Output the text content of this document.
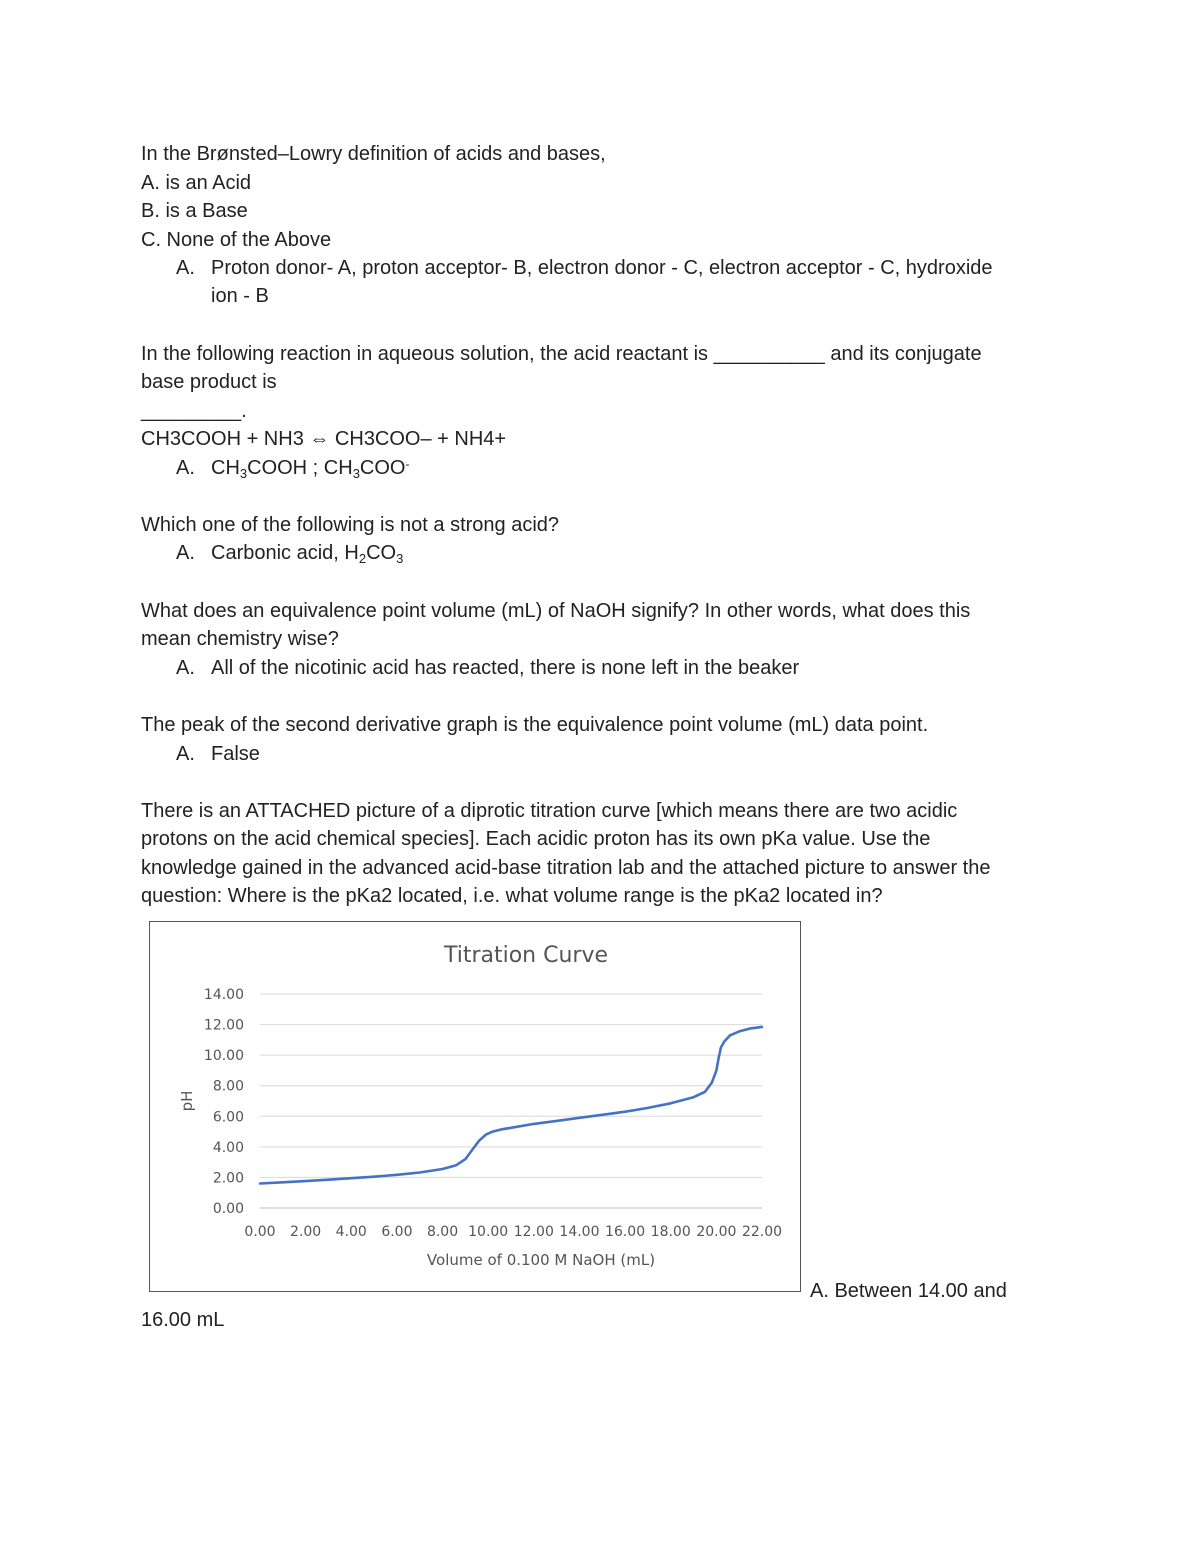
In the Brønsted–Lowry definition of acids and bases,
A. is an Acid
B. is a Base
C. None of the Above
A. Proton donor- A, proton acceptor- B, electron donor - C, electron acceptor - C, hydroxide
ion - B
In the following reaction in aqueous solution, the acid reactant is __________ and its conjugate
base product is
_________.
CH3COOH + NH3 ⇔ CH3COO– + NH4+
A. $CH_3COOH$ ; $CH_3COO^-$
Which one of the following is not a strong acid?
A. Carbonic acid, $H_2CO_3$
What does an equivalence point volume (mL) of NaOH signify? In other words, what does this
mean chemistry wise?
A. All of the nicotinic acid has reacted, there is none left in the beaker
The peak of the second derivative graph is the equivalence point volume (mL) data point.
A. False
There is an ATTACHED picture of a diprotic titration curve [which means there are two acidic
protons on the acid chemical species]. Each acidic proton has its own pKa value. Use the
knowledge gained in the advanced acid-base titration lab and the attached picture to answer the
question: Where is the pKa2 located, i.e. what volume range is the pKa2 located in?
Titration Curve
0.00
2.00
4.00
6.00
8.00
10.00
12.00
14.00
0.00 2.00 4.00 6.00 8.00 10.00 12.00 14.00 16.00 18.00 20.00 22.00
Volume of 0.100 M NaOH (mL)
pH
A. Between 14.00 and
16.00 mL
